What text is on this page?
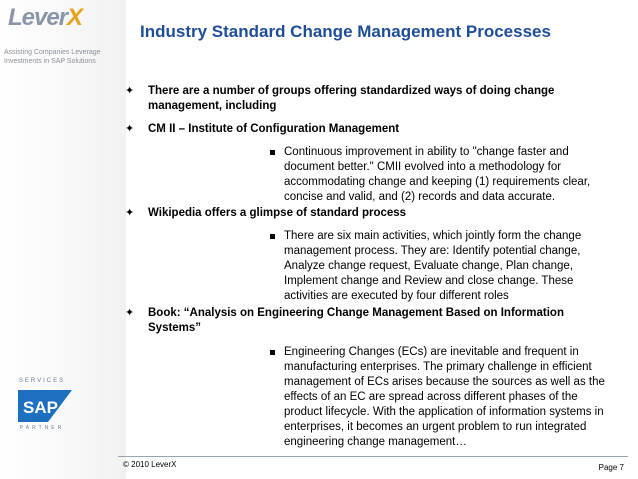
LeverX
Assisting Companies Leverage Investments in SAP Solutions
SERVICES
SAP
PARTNER
Industry Standard Change Management Processes
✦ There are a number of groups offering standardized ways of doing change management, including
✦ CM II – Institute of Configuration Management
Continuous improvement in ability to "change faster and document better." CMII evolved into a methodology for accommodating change and keeping (1) requirements clear, concise and valid, and (2) records and data accurate.
✦ Wikipedia offers a glimpse of standard process
There are six main activities, which jointly form the change management process. They are: Identify potential change, Analyze change request, Evaluate change, Plan change, Implement change and Review and close change. These activities are executed by four different roles
✦ Book: “Analysis on Engineering Change Management Based on Information Systems”
Engineering Changes (ECs) are inevitable and frequent in manufacturing enterprises. The primary challenge in efficient management of ECs arises because the sources as well as the effects of an EC are spread across different phases of the product lifecycle. With the application of information systems in enterprises, it becomes an urgent problem to run integrated engineering change management…
© 2010 LeverX	Page 7
